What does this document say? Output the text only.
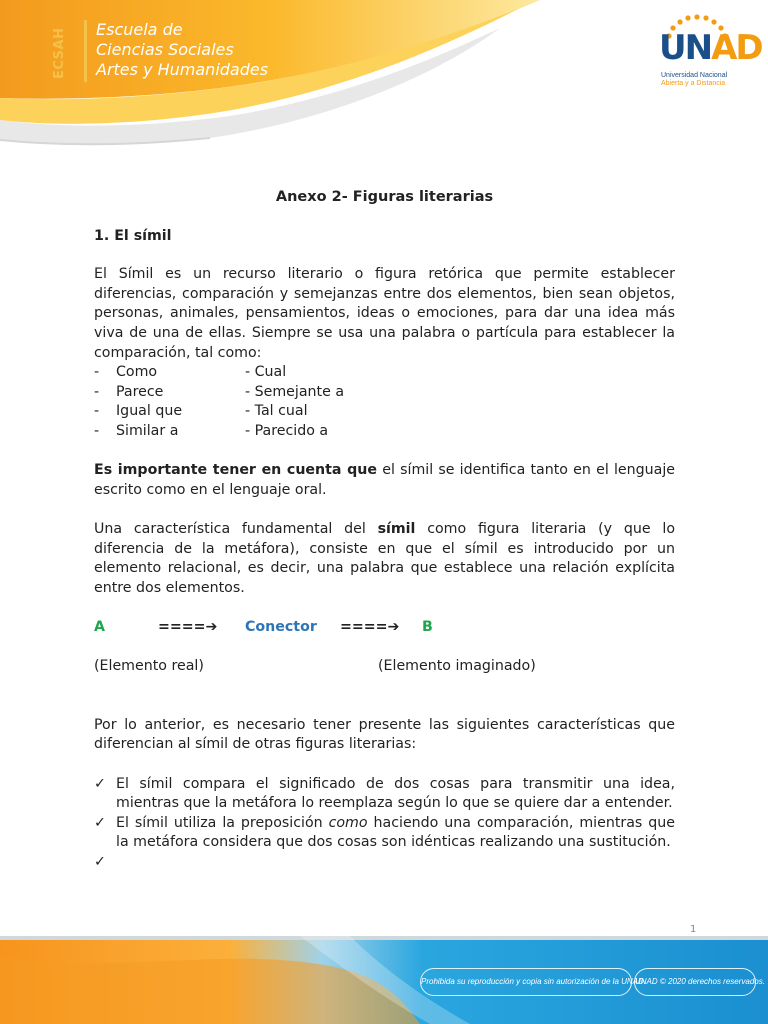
ECSAH	Escuela de
Ciencias Sociales
Artes y Humanidades
UNAD
Universidad Nacional
Abierta y a Distancia
Anexo 2- Figuras literarias
1. El símil

El Símil es un recurso literario o figura retórica que permite establecer diferencias, comparación y semejanzas entre dos elementos, bien sean objetos, personas, animales, pensamientos, ideas o emociones, para dar una idea más viva de una de ellas. Siempre se usa una palabra o partícula para establecer la comparación, tal como:

-	Como	- Cual
-	Parece	- Semejante a
-	Igual que	- Tal cual
-	Similar a	- Parecido a

Es importante tener en cuenta que el símil se identifica tanto en el lenguaje escrito como en el lenguaje oral.

Una característica fundamental del símil como figura literaria (y que lo diferencia de la metáfora), consiste en que el símil es introducido por un elemento relacional, es decir, una palabra que establece una relación explícita entre dos elementos.

A	====➔	Conector	====➔	B
(Elemento real)	(Elemento imaginado)

Por lo anterior, es necesario tener presente las siguientes características que diferencian al símil de otras figuras literarias:

✓ El símil compara el significado de dos cosas para transmitir una idea, mientras que la metáfora lo reemplaza según lo que se quiere dar a entender.
✓ El símil utiliza la preposición como haciendo una comparación, mientras que la metáfora considera que dos cosas son idénticas realizando una sustitución.
✓
1
Prohibida su reproducción y copia sin autorización de la UNAD.
UNAD © 2020 derechos reservados.
